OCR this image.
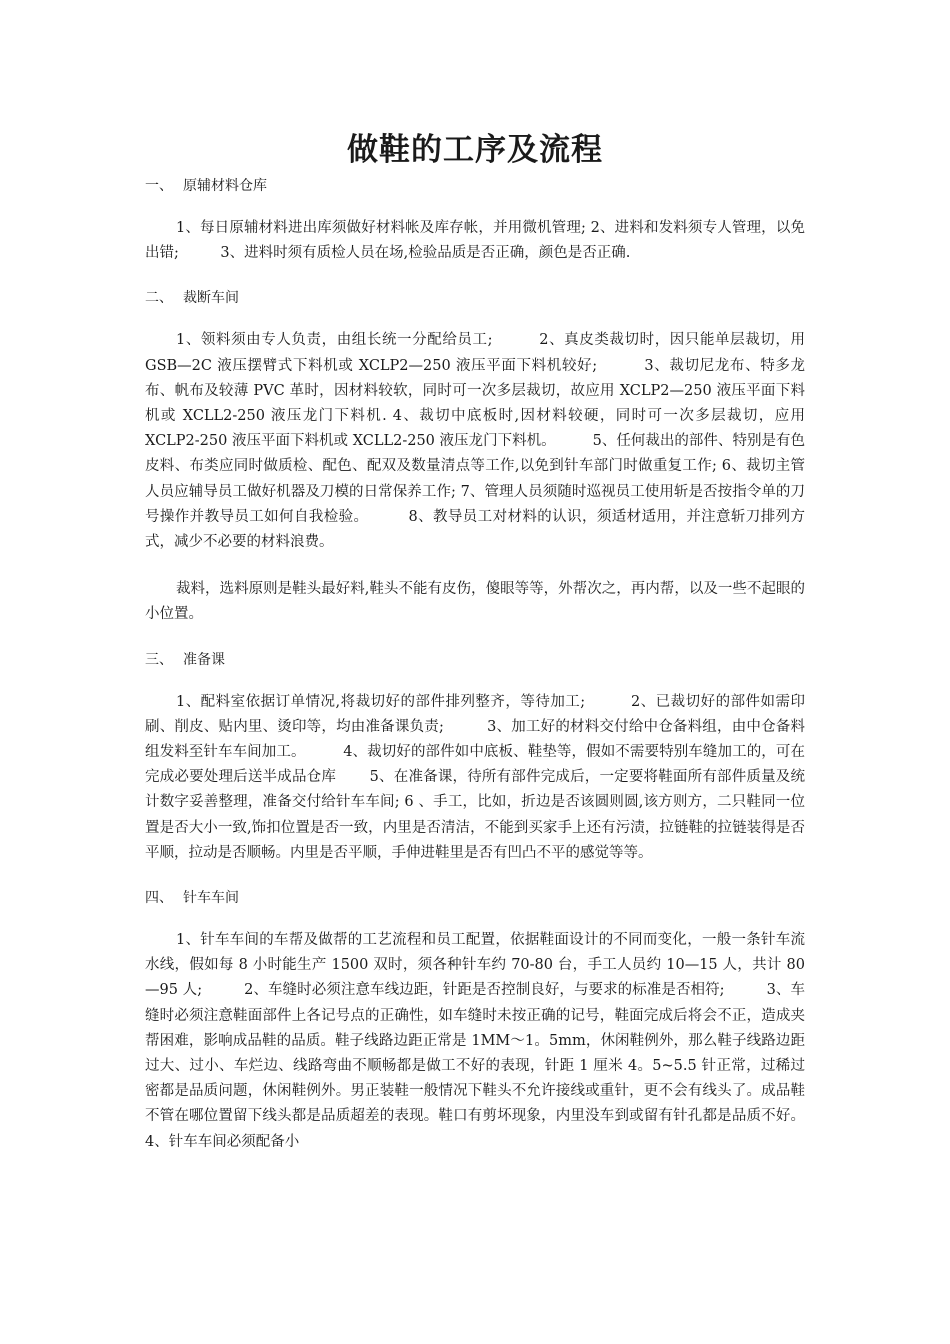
做鞋的工序及流程

一、 原辅材料仓库

1、每日原辅材料进出库须做好材料帐及库存帐，并用微机管理; 2、进料和发料须专人管理，以免出错;         3、进料时须有质检人员在场,检验品质是否正确，颜色是否正确.

二、 裁断车间

1、领料须由专人负责，由组长统一分配给员工;         2、真皮类裁切时，因只能单层裁切，用 GSB—2C 液压摆臂式下料机或 XCLP2—250 液压平面下料机较好;         3、裁切尼龙布、特多龙布、帆布及较薄 PVC 革时，因材料较软，同时可一次多层裁切，故应用 XCLP2—250 液压平面下料机或 XCLL2-250 液压龙门下料机. 4、裁切中底板时,因材料较硬，同时可一次多层裁切，应用 XCLP2-250 液压平面下料机或 XCLL2-250 液压龙门下料机。        5、任何裁出的部件、特别是有色皮料、布类应同时做质检、配色、配双及数量清点等工作,以免到针车部门时做重复工作; 6、裁切主管人员应辅导员工做好机器及刀模的日常保养工作; 7、管理人员须随时巡视员工使用斩是否按指令单的刀号操作并教导员工如何自我检验。        8、教导员工对材料的认识，须适材适用，并注意斩刀排列方式，减少不必要的材料浪费。

裁料，选料原则是鞋头最好料,鞋头不能有皮伤，傻眼等等，外帮次之，再内帮，以及一些不起眼的小位置。

三、 准备课

1、配料室依据订单情况,将裁切好的部件排列整齐，等待加工;         2、已裁切好的部件如需印刷、削皮、贴内里、烫印等，均由准备课负责;         3、加工好的材料交付给中仓备料组，由中仓备料组发料至针车车间加工。        4、裁切好的部件如中底板、鞋垫等，假如不需要特别车缝加工的，可在完成必要处理后送半成品仓库       5、在准备课，待所有部件完成后，一定要将鞋面所有部件质量及统计数字妥善整理，准备交付给针车车间; 6 、手工，比如，折边是否该圆则圆,该方则方，二只鞋同一位置是否大小一致,饰扣位置是否一致，内里是否清洁，不能到买家手上还有污渍，拉链鞋的拉链装得是否平顺，拉动是否顺畅。内里是否平顺，手伸进鞋里是否有凹凸不平的感觉等等。

四、 针车车间

1、针车车间的车帮及做帮的工艺流程和员工配置，依据鞋面设计的不同而变化，一般一条针车流水线，假如每 8 小时能生产 1500 双时，须各种针车约 70-80 台，手工人员约 10—15 人，共计 80—95 人;         2、车缝时必须注意车线边距，针距是否控制良好，与要求的标准是否相符;         3、车缝时必须注意鞋面部件上各记号点的正确性，如车缝时未按正确的记号，鞋面完成后将会不正，造成夹帮困难，影响成品鞋的品质。鞋子线路边距正常是 1MM～1。5mm，休闲鞋例外，那么鞋子线路边距过大、过小、车烂边、线路弯曲不顺畅都是做工不好的表现，针距 1 厘米 4。5~5.5 针正常，过稀过密都是品质问题，休闲鞋例外。男正装鞋一般情况下鞋头不允许接线或重针，更不会有线头了。成品鞋不管在哪位置留下线头都是品质超差的表现。鞋口有剪坏现象，内里没车到或留有针孔都是品质不好。4、针车车间必须配备小
